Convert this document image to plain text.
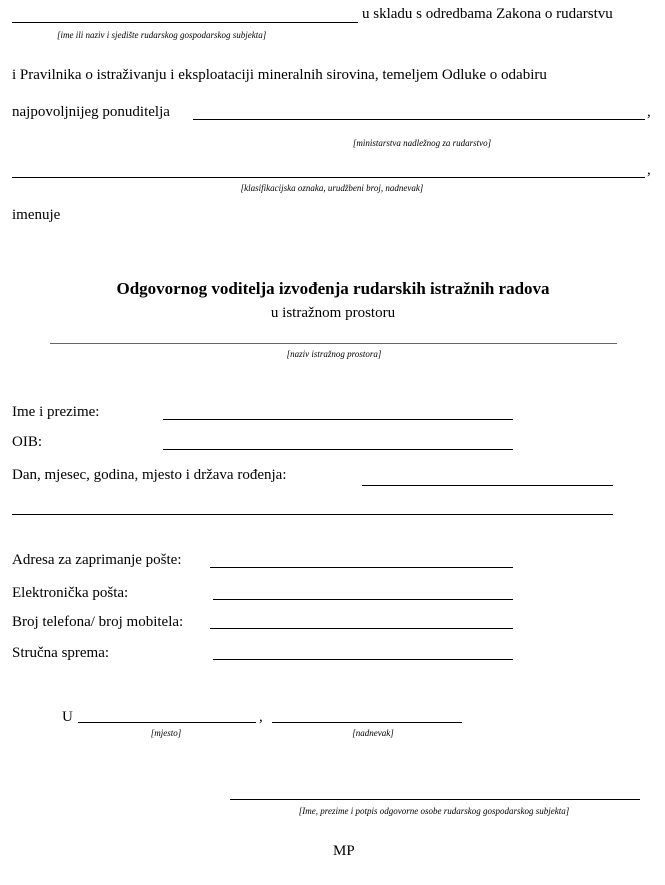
u skladu s odredbama Zakona o rudarstvu
[ime ili naziv i sjedište rudarskog gospodarskog subjekta]
i Pravilnika o istraživanju i eksploataciji mineralnih sirovina, temeljem Odluke o odabiru
najpovoljnijeg ponuditelja	,
[ministarstva nadležnog za rudarstvo]
,
[klasifikacijska oznaka, urudžbeni broj, nadnevak]
imenuje
Odgovornog voditelja izvođenja rudarskih istražnih radova
u istražnom prostoru
[naziv istražnog prostora]
Ime i prezime:
OIB:
Dan, mjesec, godina, mjesto i država rođenja:
Adresa za zaprimanje pošte:
Elektronička pošta:
Broj telefona/ broj mobitela:
Stručna sprema:
U	,
[mjesto]	[nadnevak]
[Ime, prezime i potpis odgovorne osobe rudarskog gospodarskog subjekta]
MP
